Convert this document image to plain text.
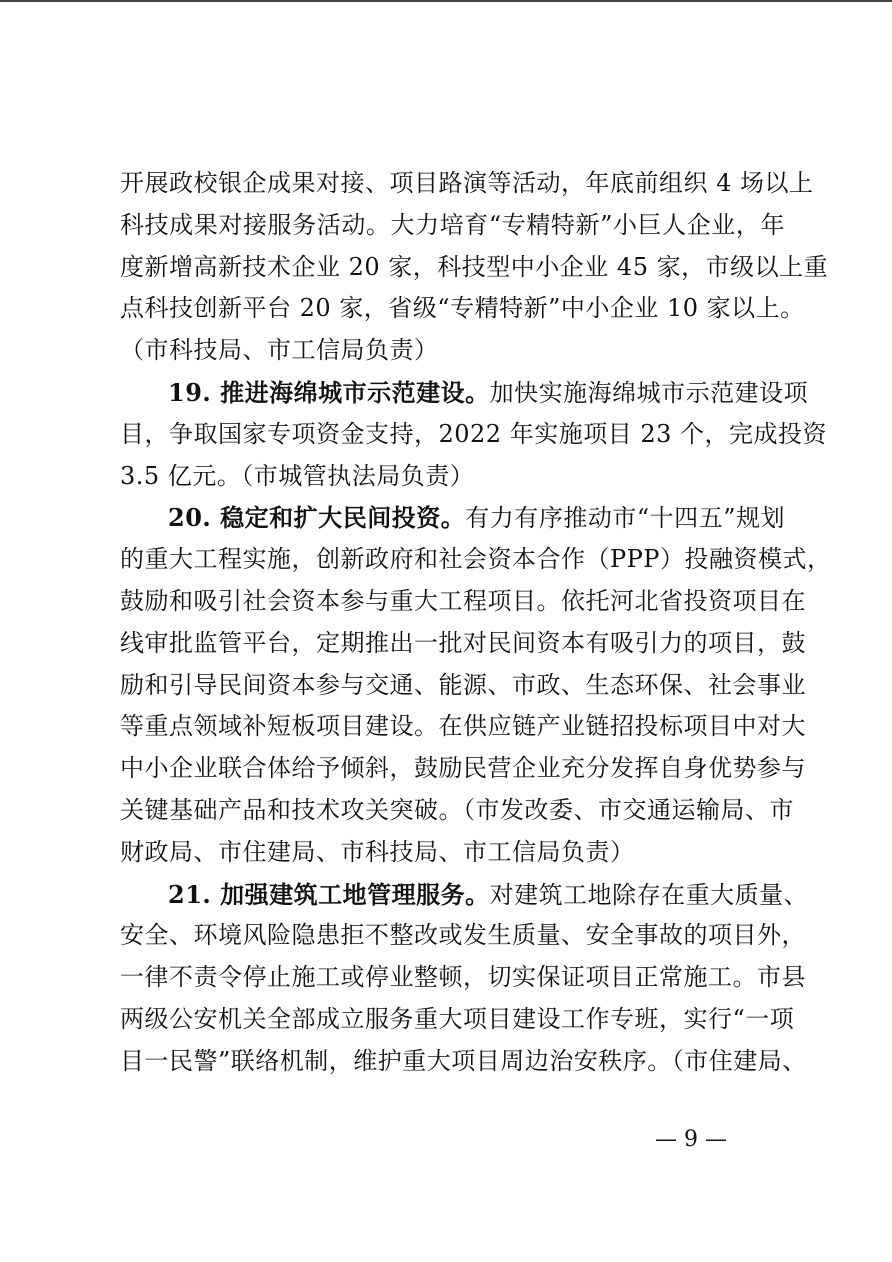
开展政校银企成果对接、项目路演等活动，年底前组织 4 场以上
科技成果对接服务活动。大力培育“专精特新”小巨人企业，年
度新增高新技术企业 20 家，科技型中小企业 45 家，市级以上重
点科技创新平台 20 家，省级“专精特新”中小企业 10 家以上。
（市科技局、市工信局负责）
19. 推进海绵城市示范建设。加快实施海绵城市示范建设项
目，争取国家专项资金支持，2022 年实施项目 23 个，完成投资
3.5 亿元。（市城管执法局负责）
20. 稳定和扩大民间投资。有力有序推动市“十四五”规划
的重大工程实施，创新政府和社会资本合作（PPP）投融资模式，
鼓励和吸引社会资本参与重大工程项目。依托河北省投资项目在
线审批监管平台，定期推出一批对民间资本有吸引力的项目，鼓
励和引导民间资本参与交通、能源、市政、生态环保、社会事业
等重点领域补短板项目建设。在供应链产业链招投标项目中对大
中小企业联合体给予倾斜，鼓励民营企业充分发挥自身优势参与
关键基础产品和技术攻关突破。（市发改委、市交通运输局、市
财政局、市住建局、市科技局、市工信局负责）
21. 加强建筑工地管理服务。对建筑工地除存在重大质量、
安全、环境风险隐患拒不整改或发生质量、安全事故的项目外，
一律不责令停止施工或停业整顿，切实保证项目正常施工。市县
两级公安机关全部成立服务重大项目建设工作专班，实行“一项
目一民警”联络机制，维护重大项目周边治安秩序。（市住建局、
— 9 —
